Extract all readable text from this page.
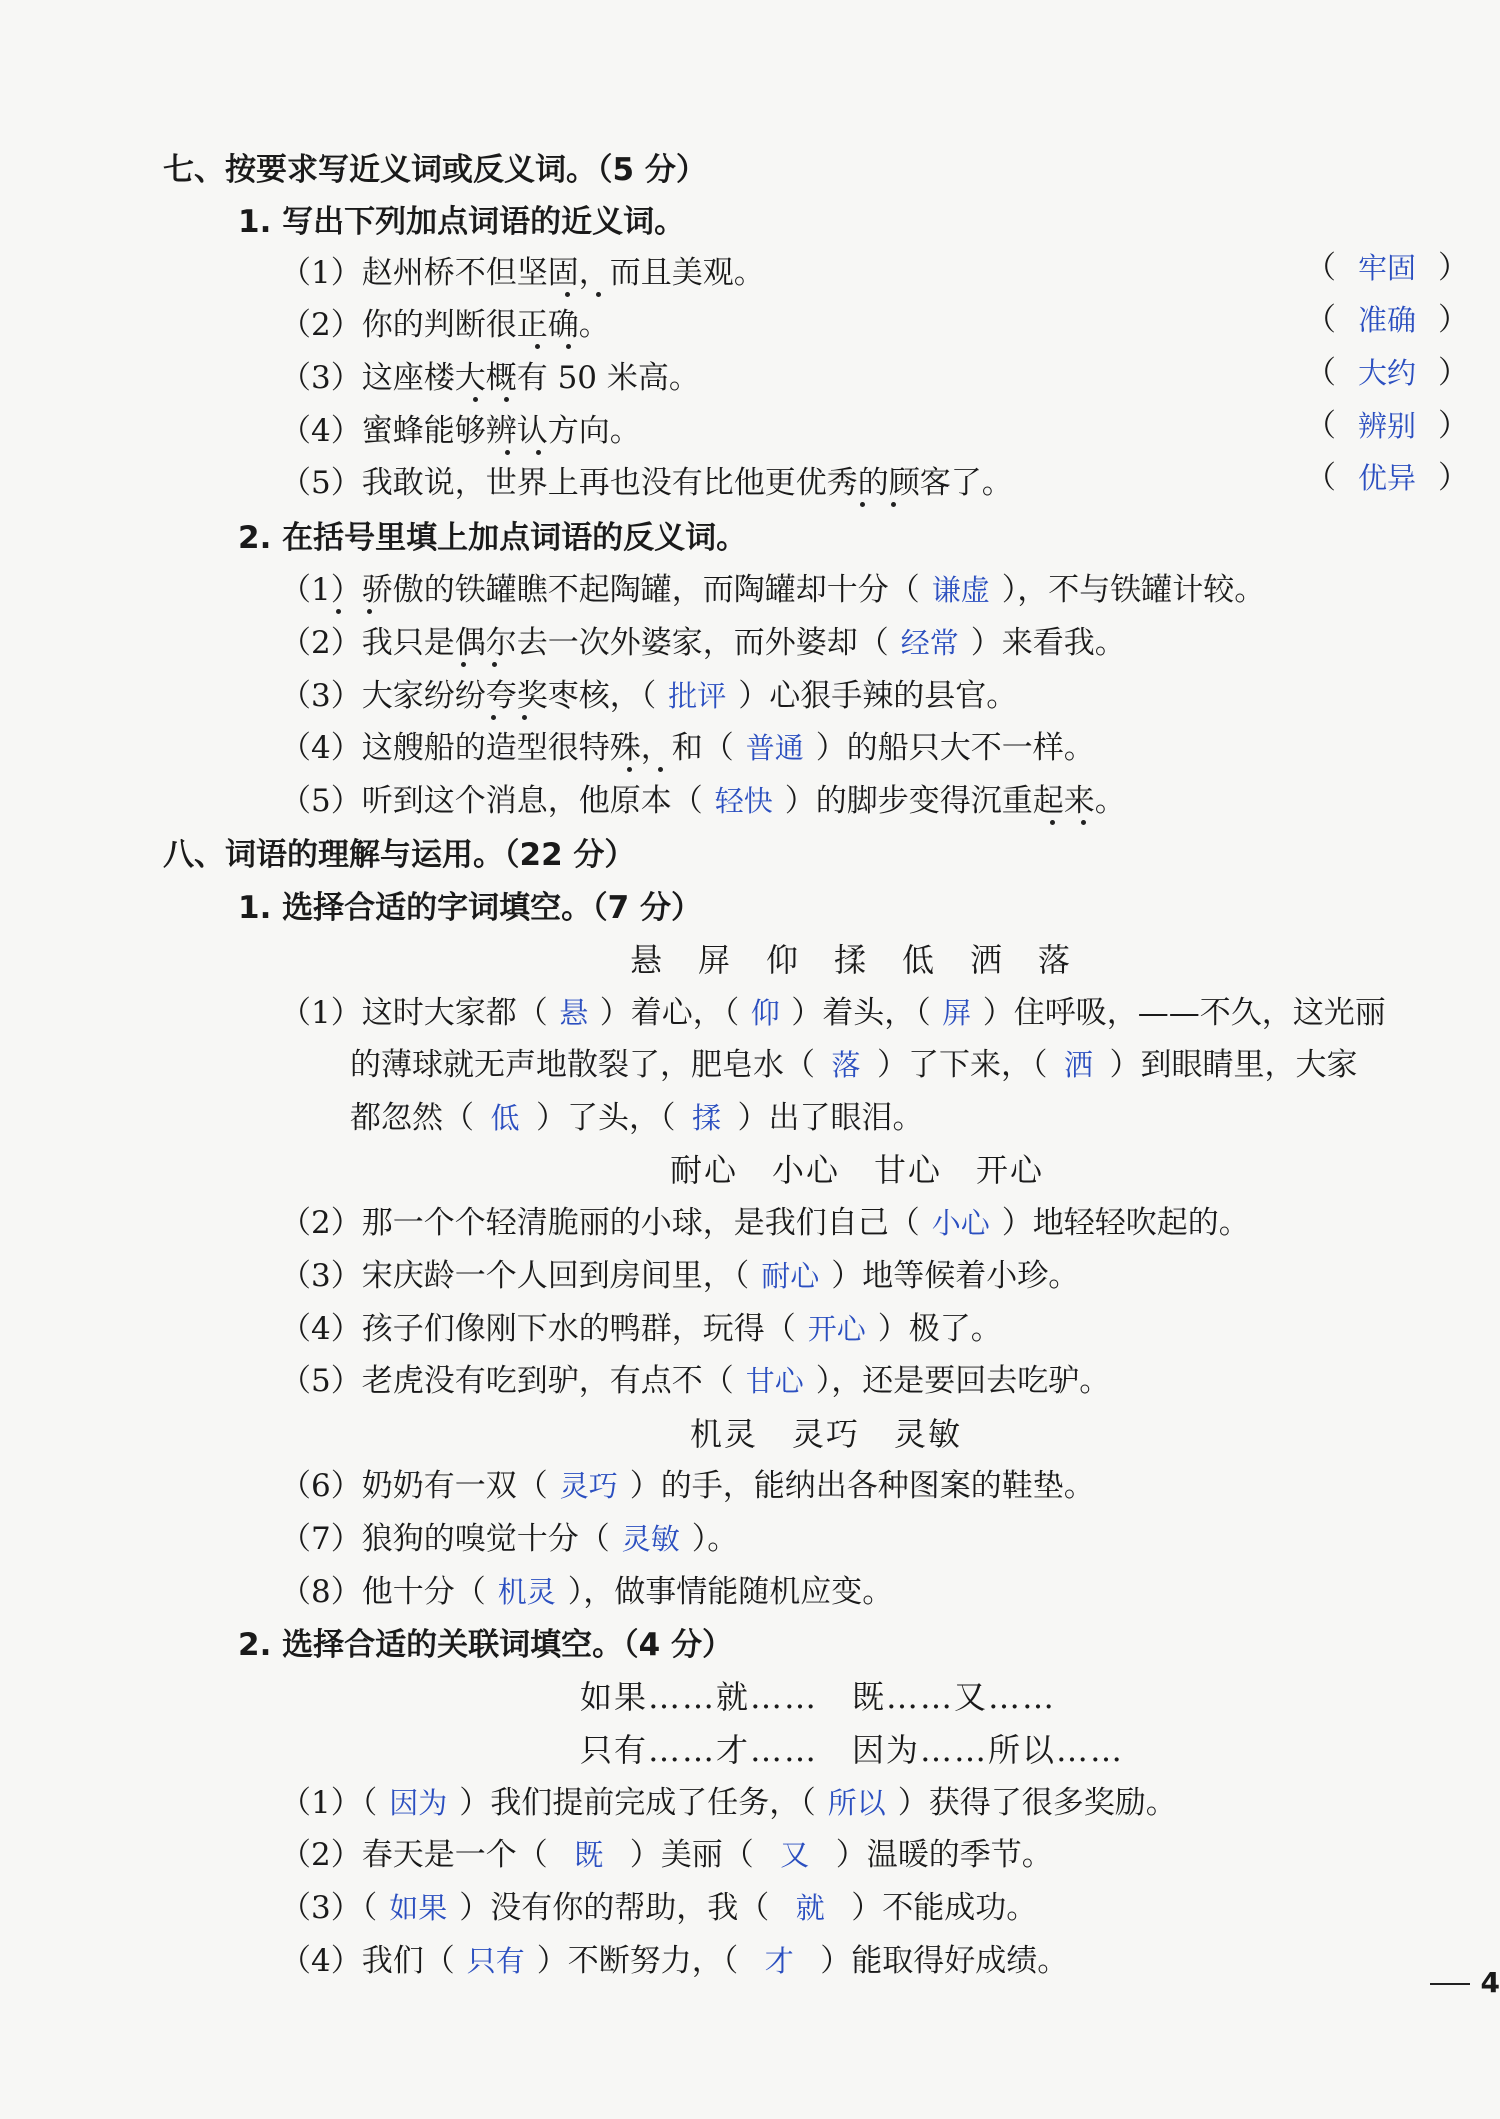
七、按要求写近义词或反义词。（5 分）
1. 写出下列加点词语的近义词。
（1）赵州桥不但坚固，而且美观。	（ 牢固 ）
（2）你的判断很正确。	（ 准确 ）
（3）这座楼大概有 50 米高。	（ 大约 ）
（4）蜜蜂能够辨认方向。	（ 辨别 ）
（5）我敢说，世界上再也没有比他更优秀的顾客了。	（ 优异 ）
2. 在括号里填上加点词语的反义词。
（1）骄傲的铁罐瞧不起陶罐，而陶罐却十分（ 谦虚 ），不与铁罐计较。
（2）我只是偶尔去一次外婆家，而外婆却（ 经常 ）来看我。
（3）大家纷纷夸奖枣核，（ 批评 ）心狠手辣的县官。
（4）这艘船的造型很特殊，和（ 普通 ）的船只大不一样。
（5）听到这个消息，他原本（ 轻快 ）的脚步变得沉重起来。
八、词语的理解与运用。（22 分）
1. 选择合适的字词填空。（7 分）
悬　屏　仰　揉　低　洒　落
（1）这时大家都（ 悬 ）着心，（ 仰 ）着头，（ 屏 ）住呼吸，——不久，这光丽
的薄球就无声地散裂了，肥皂水（ 落 ）了下来，（ 洒 ）到眼睛里，大家
都忽然（ 低 ）了头，（ 揉 ）出了眼泪。
耐心　小心　甘心　开心
（2）那一个个轻清脆丽的小球，是我们自己（ 小心 ）地轻轻吹起的。
（3）宋庆龄一个人回到房间里，（ 耐心 ）地等候着小珍。
（4）孩子们像刚下水的鸭群，玩得（ 开心 ）极了。
（5）老虎没有吃到驴，有点不（ 甘心 ），还是要回去吃驴。
机灵　灵巧　灵敏
（6）奶奶有一双（ 灵巧 ）的手，能纳出各种图案的鞋垫。
（7）狼狗的嗅觉十分（ 灵敏 ）。
（8）他十分（ 机灵 ），做事情能随机应变。
2. 选择合适的关联词填空。（4 分）
如果……就……　既……又……
只有……才……　因为……所以……
（1）（ 因为 ）我们提前完成了任务，（ 所以 ）获得了很多奖励。
（2）春天是一个（ 既 ）美丽（ 又 ）温暖的季节。
（3）（ 如果 ）没有你的帮助，我（ 就 ）不能成功。
（4）我们（ 只有 ）不断努力，（ 才 ）能取得好成绩。
4
